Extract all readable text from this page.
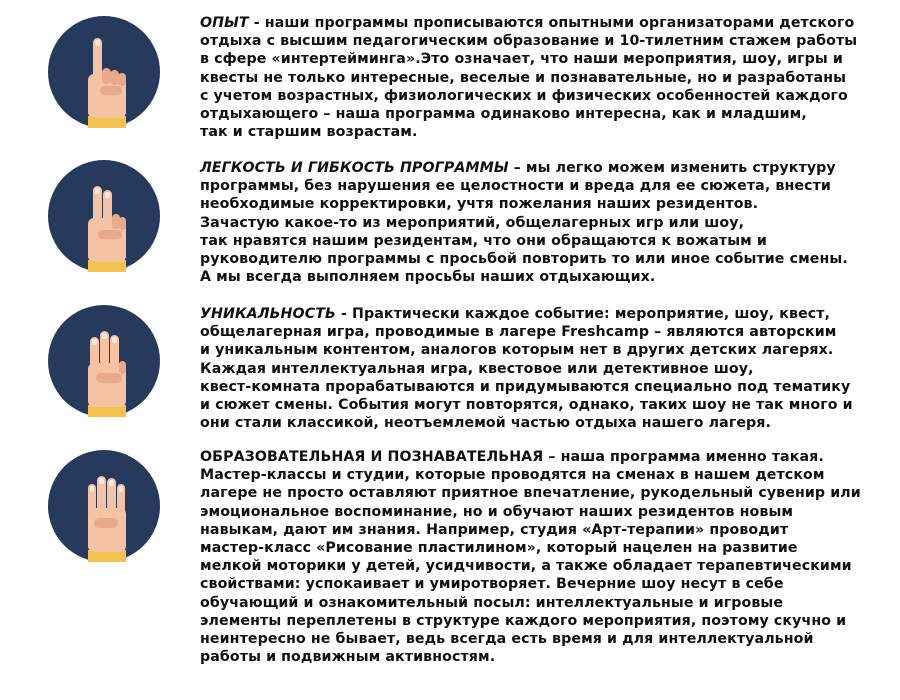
ОПЫТ - наши программы прописываются опытными организаторами детского

отдыха с высшим педагогическим образование и 10-тилетним стажем работы

в сфере «интертейминга».Это означает, что наши мероприятия, шоу, игры и

квесты не только интересные, веселые и познавательные, но и разработаны

с учетом возрастных, физиологических и физических особенностей каждого

отдыхающего – наша программа одинаково интересна, как и младшим,

так и старшим возрастам.

ЛЕГКОСТЬ И ГИБКОСТЬ ПРОГРАММЫ – мы легко можем изменить структуру

программы, без нарушения ее целостности и вреда для ее сюжета, внести

необходимые корректировки, учтя пожелания наших резидентов.

Зачастую какое-то из мероприятий, общелагерных игр или шоу,

так нравятся нашим резидентам, что они обращаются к вожатым и

руководителю программы с просьбой повторить то или иное событие смены.

А мы всегда выполняем просьбы наших отдыхающих.

УНИКАЛЬНОСТЬ - Практически каждое событие: мероприятие, шоу, квест,

общелагерная игра, проводимые в лагере Freshcamp – являются авторским

и уникальным контентом, аналогов которым нет в других детских лагерях.

Каждая интеллектуальная игра, квестовое или детективное шоу,

квест-комната прорабатываются и придумываются специально под тематику

и сюжет смены. События могут повторятся, однако, таких шоу не так много и

они стали классикой, неотъемлемой частью отдыха нашего лагеря.

ОБРАЗОВАТЕЛЬНАЯ И ПОЗНАВАТЕЛЬНАЯ – наша программа именно такая.

Мастер-классы и студии, которые проводятся на сменах в нашем детском

лагере не просто оставляют приятное впечатление, рукодельный сувенир или

эмоциональное воспоминание, но и обучают наших резидентов новым

навыкам, дают им знания. Например, студия «Арт-терапии» проводит

мастер-класс «Рисование пластилином», который нацелен на развитие

мелкой моторики у детей, усидчивости, а также обладает терапевтическими

свойствами: успокаивает и умиротворяет. Вечерние шоу несут в себе

обучающий и ознакомительный посыл: интеллектуальные и игровые

элементы переплетены в структуре каждого мероприятия, поэтому скучно и

неинтересно не бывает, ведь всегда есть время и для интеллектуальной

работы и подвижным активностям.
